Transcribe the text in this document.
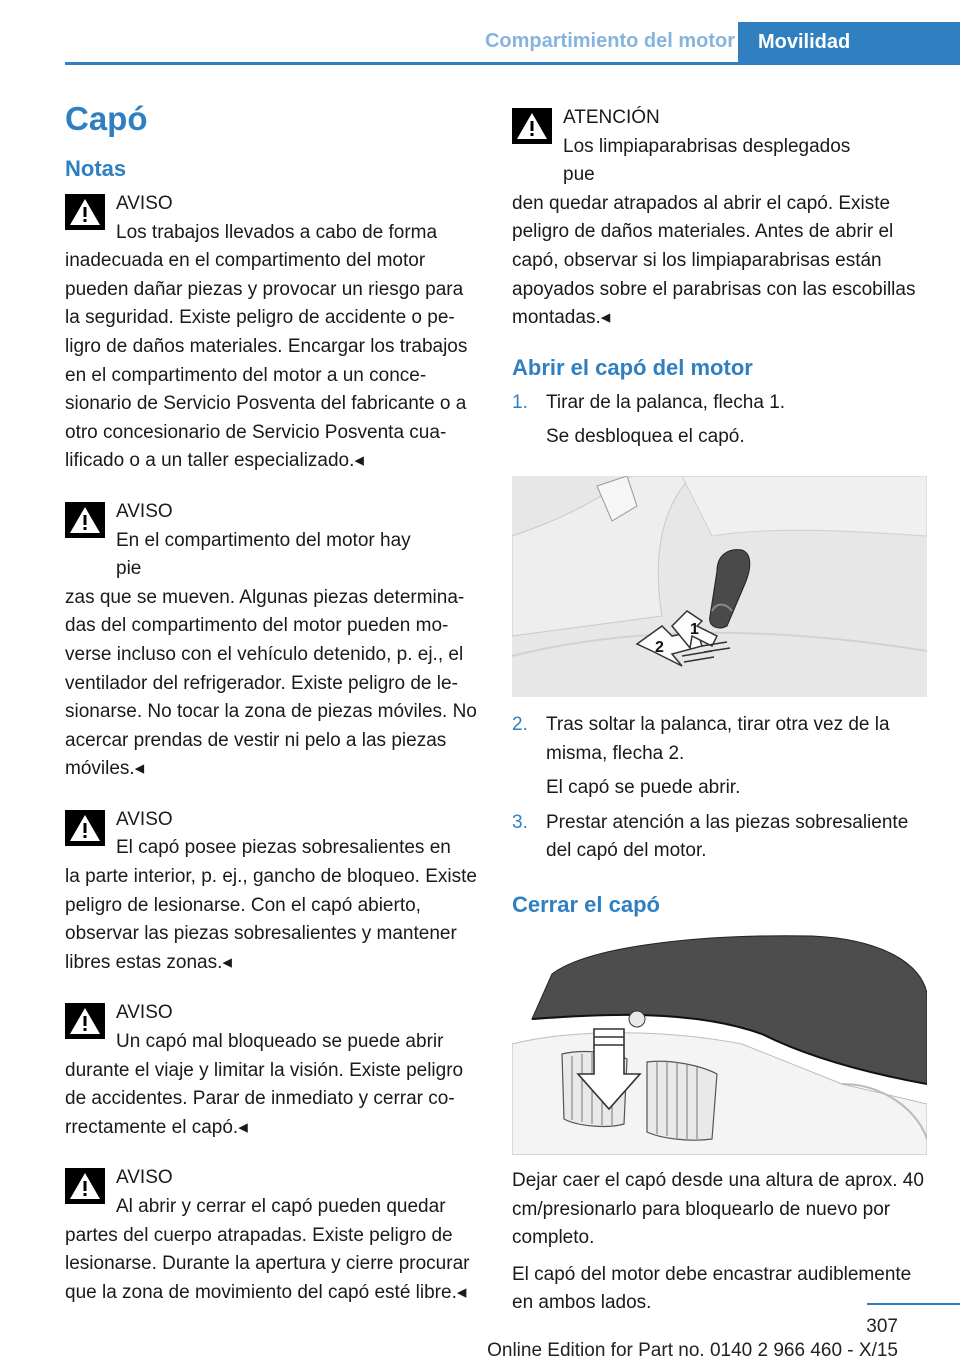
Compartimiento del motor	Movilidad
Capó
Notas
AVISO
Los trabajos llevados a cabo de forma

inadecuada en el compartimento del motor pueden dañar piezas y provocar un riesgo para la seguridad. Existe peligro de accidente o peligro de daños materiales. Encargar los trabajos en el compartimento del motor a un concesionario de Servicio Posventa del fabricante o a otro concesionario de Servicio Posventa cualificado o a un taller especializado.◂

AVISO
En el compartimento del motor hay pie

zas que se mueven. Algunas piezas determinadas del compartimento del motor pueden moverse incluso con el vehículo detenido, p. ej., el ventilador del refrigerador. Existe peligro de lesionarse. No tocar la zona de piezas móviles. No acercar prendas de vestir ni pelo a las piezas móviles.◂

AVISO
El capó posee piezas sobresalientes en

la parte interior, p. ej., gancho de bloqueo. Existe peligro de lesionarse. Con el capó abierto, observar las piezas sobresalientes y mantener libres estas zonas.◂

AVISO
Un capó mal bloqueado se puede abrir

durante el viaje y limitar la visión. Existe peligro de accidentes. Parar de inmediato y cerrar correctamente el capó.◂

AVISO
Al abrir y cerrar el capó pueden quedar

partes del cuerpo atrapadas. Existe peligro de lesionarse. Durante la apertura y cierre procurar que la zona de movimiento del capó esté libre.◂

ATENCIÓN
Los limpiaparabrisas desplegados pue

den quedar atrapados al abrir el capó. Existe peligro de daños materiales. Antes de abrir el capó, observar si los limpiaparabrisas están apoyados sobre el parabrisas con las escobillas montadas.◂

Abrir el capó del motor
1. Tirar de la palanca, flecha 1.
Se desbloquea el capó.
2
1
2. Tras soltar la palanca, tirar otra vez de la misma, flecha 2.
El capó se puede abrir.
3. Prestar atención a las piezas sobresaliente del capó del motor.
Cerrar el capó

Dejar caer el capó desde una altura de aprox. 40 cm/presionarlo para bloquearlo de nuevo por completo.

El capó del motor debe encastrar audiblemente en ambos lados.

307
Online Edition for Part no. 0140 2 966 460 - X/15
